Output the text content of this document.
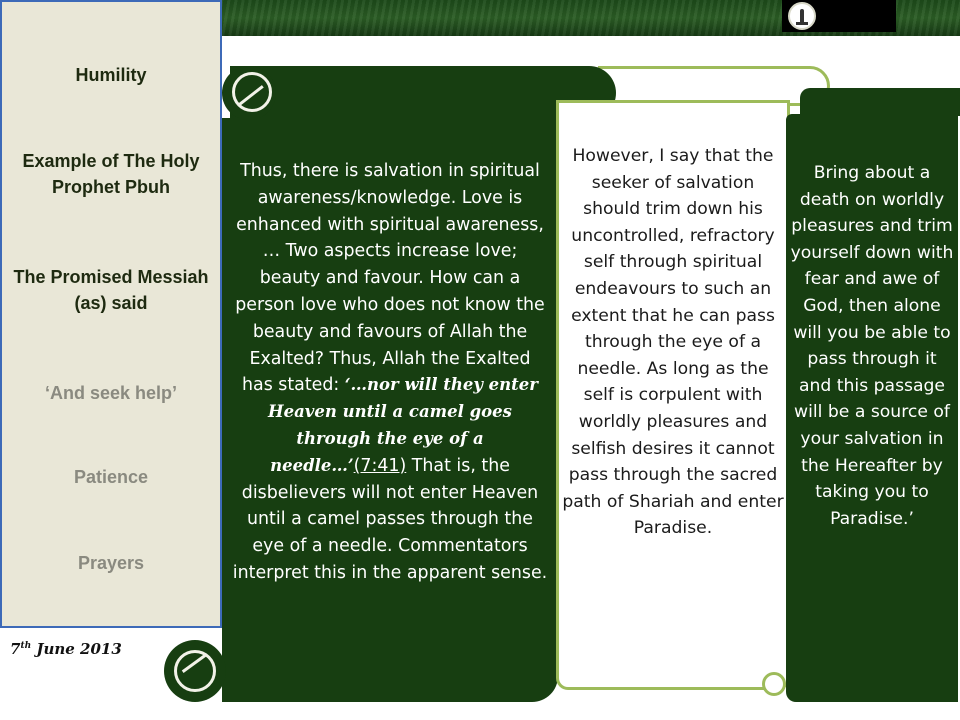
Thus, there is salvation in spiritual awareness/knowledge. Love is enhanced with spiritual awareness, … Two aspects increase love; beauty and favour. How can a person love who does not know the beauty and favours of Allah the Exalted? Thus, Allah the Exalted has stated: ‘…nor will they enter Heaven until a camel goes through the eye of a needle…’(7:41) That is, the disbelievers will not enter Heaven until a camel passes through the eye of a needle. Commentators interpret this in the apparent sense.

However, I say that the seeker of salvation should trim down his uncontrolled, refractory self through spiritual endeavours to such an extent that he can pass through the eye of a needle. As long as the self is corpulent with worldly pleasures and selfish desires it cannot pass through the sacred path of Shariah and enter Paradise.

Bring about a death on worldly pleasures and trim yourself down with fear and awe of God, then alone will you be able to pass through it and this passage will be a source of your salvation in the Hereafter by taking you to Paradise.’

Humility
Example of The Holy Prophet Pbuh
The Promised Messiah (as) said
‘And seek help’
Patience
Prayers
7th June 2013
